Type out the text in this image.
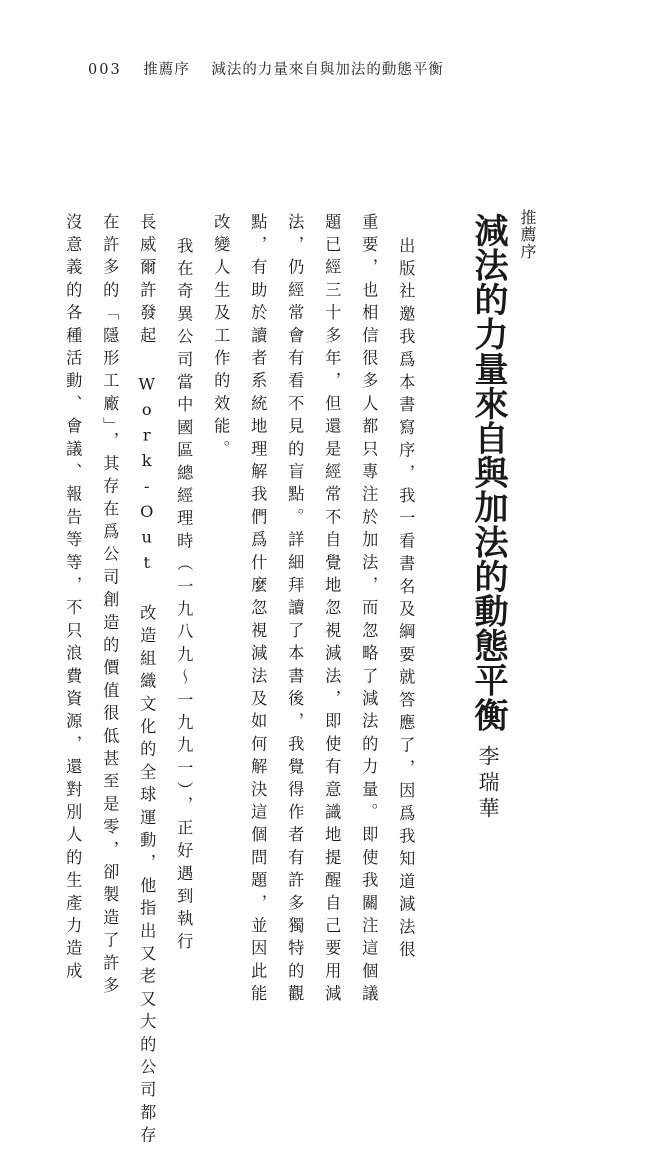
003 推薦序 減法的力量來自與加法的動態平衡
推薦序
減法的力量來自與加法的動態平衡
李瑞華
出版社邀我爲本書寫序，我一看書名及綱要就答應了，因爲我知道減法很
重要，也相信很多人都只專注於加法，而忽略了減法的力量。即使我關注這個議
題已經三十多年，但還是經常不自覺地忽視減法，即使有意識地提醒自己要用減
法，仍經常會有看不見的盲點。詳細拜讀了本書後，我覺得作者有許多獨特的觀
點，有助於讀者系統地理解我們爲什麼忽視減法及如何解決這個問題，並因此能
改變人生及工作的效能。
我在奇異公司當中國區總經理時（一九八九～一九九一），正好遇到執行
長威爾許發起 Work-Out 改造組織文化的全球運動，他指出又老又大的公司都存
在許多的「隱形工廠」，其存在爲公司創造的價值很低甚至是零，卻製造了許多
沒意義的各種活動、會議、報告等等，不只浪費資源，還對別人的生產力造成
